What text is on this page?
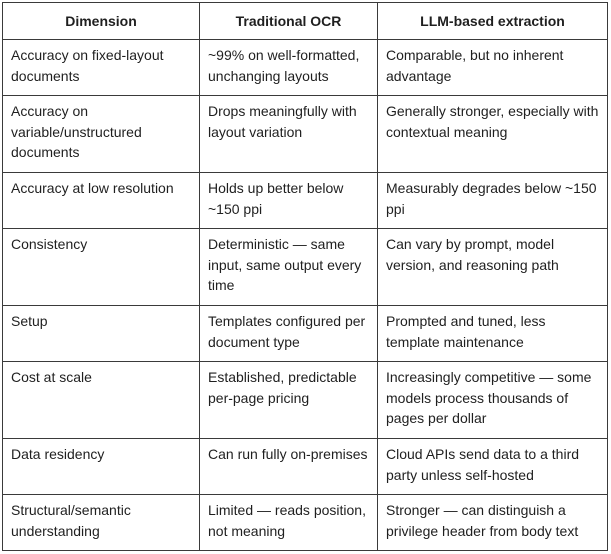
Dimension	Traditional OCR	LLM-based extraction
Accuracy on fixed-layout documents	~99% on well-formatted, unchanging layouts	Comparable, but no inherent advantage
Accuracy on variable/unstructured documents	Drops meaningfully with layout variation	Generally stronger, especially with contextual meaning
Accuracy at low resolution	Holds up better below ~150 ppi	Measurably degrades below ~150 ppi
Consistency	Deterministic — same input, same output every time	Can vary by prompt, model version, and reasoning path
Setup	Templates configured per document type	Prompted and tuned, less template maintenance
Cost at scale	Established, predictable per-page pricing	Increasingly competitive — some models process thousands of pages per dollar
Data residency	Can run fully on-premises	Cloud APIs send data to a third party unless self-hosted
Structural/semantic understanding	Limited — reads position, not meaning	Stronger — can distinguish a privilege header from body text
